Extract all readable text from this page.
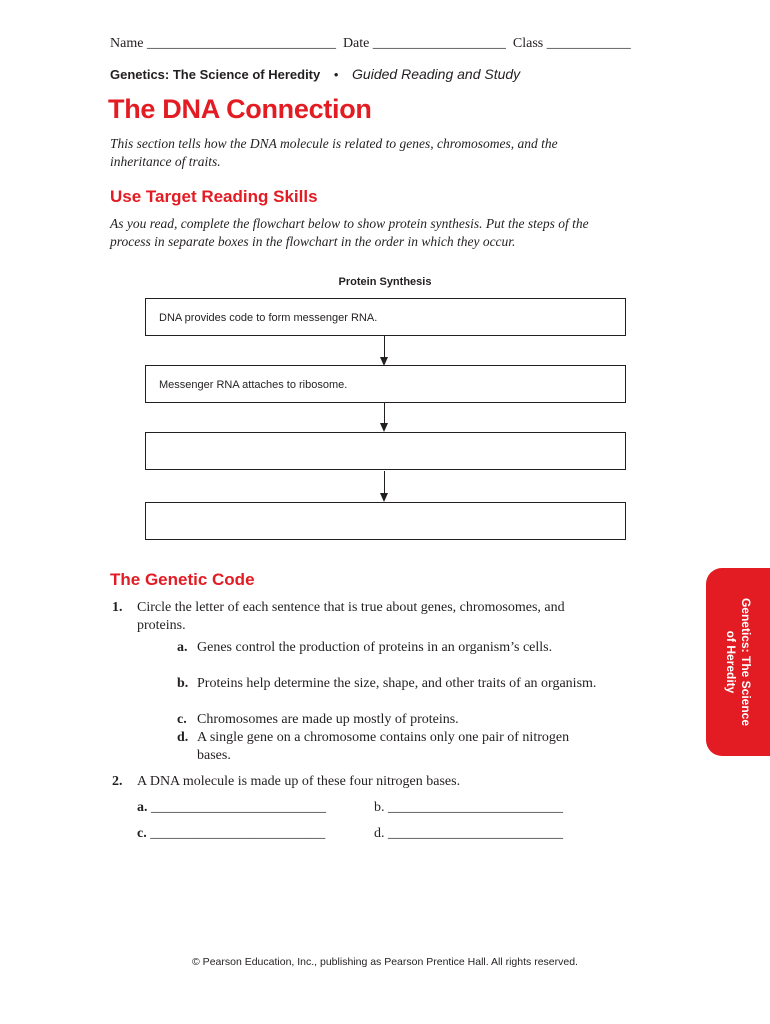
Name ___________________________  Date ___________________  Class ____________
Genetics: The Science of Heredity • Guided Reading and Study
The DNA Connection
This section tells how the DNA molecule is related to genes, chromosomes, and the inheritance of traits.
Use Target Reading Skills
As you read, complete the flowchart below to show protein synthesis. Put the steps of the process in separate boxes in the flowchart in the order in which they occur.
Protein Synthesis
DNA provides code to form messenger RNA.
Messenger RNA attaches to ribosome.
Genetics: The Science
of Heredity
The Genetic Code
1. Circle the letter of each sentence that is true about genes, chromosomes, and proteins.
a. Genes control the production of proteins in an organism’s cells.
b. Proteins help determine the size, shape, and other traits of an organism.
c. Chromosomes are made up mostly of proteins.
d. A single gene on a chromosome contains only one pair of nitrogen bases.
2. A DNA molecule is made up of these four nitrogen bases.
a. _________________________	b. _________________________
c. _________________________	d. _________________________
© Pearson Education, Inc., publishing as Pearson Prentice Hall. All rights reserved.
